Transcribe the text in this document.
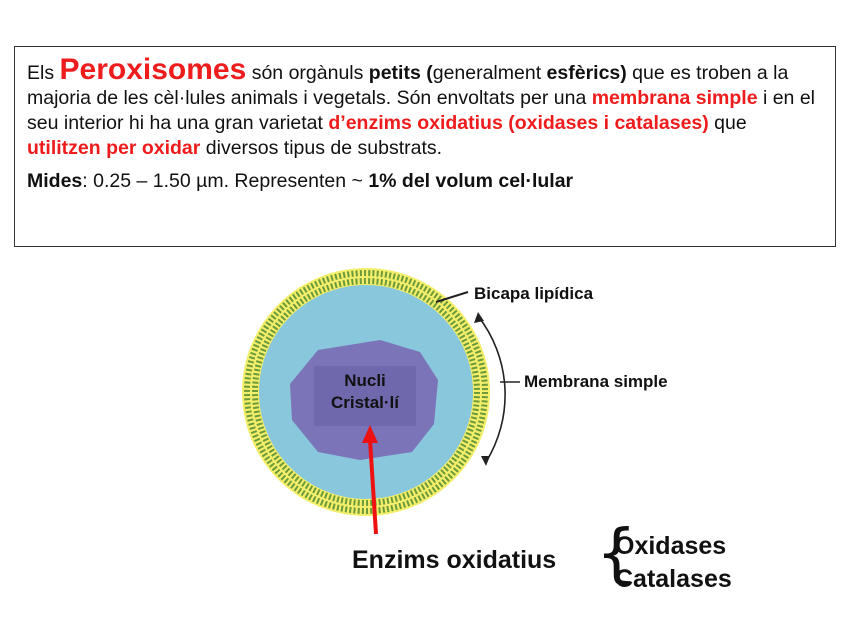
Els Peroxisomes són orgànuls petits (generalment esfèrics) que es troben a la majoria de les cèl·lules animals i vegetals. Són envoltats per una membrana simple i en el seu interior hi ha una gran varietat d’enzims oxidatius (oxidases i catalases) que utilitzen per oxidar diversos tipus de substrats.

Mides: 0.25 – 1.50 µm. Representen ~ 1% del volum cel·lular

Bicapa lipídica
Membrana simple
Nucli
Cristal·lí
Enzims oxidatius {
Oxidases
Catalases
